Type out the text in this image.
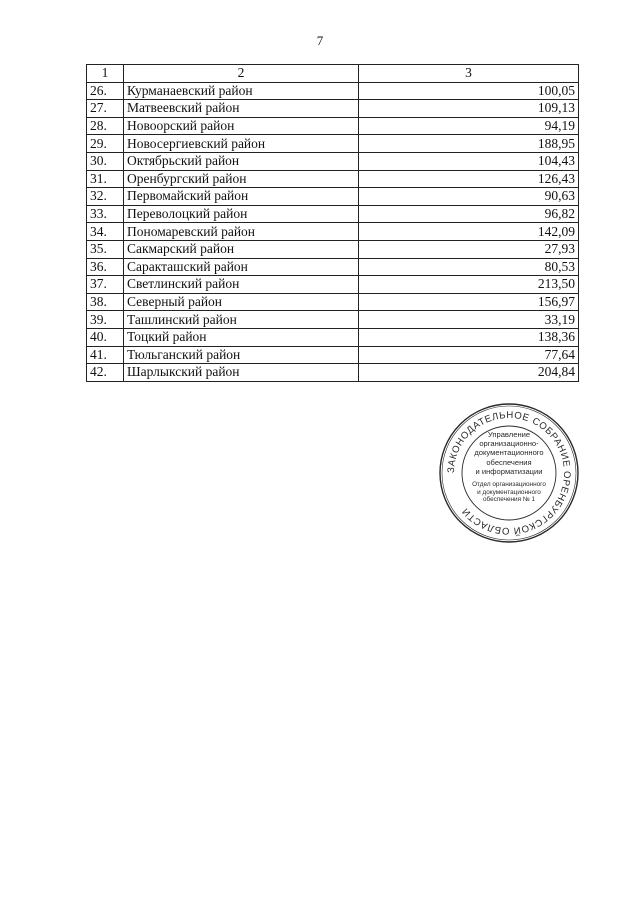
7
1	2	3
26.	Курманаевский район	100,05
27.	Матвеевский район	109,13
28.	Новоорский район	94,19
29.	Новосергиевский район	188,95
30.	Октябрьский район	104,43
31.	Оренбургский район	126,43
32.	Первомайский район	90,63
33.	Переволоцкий район	96,82
34.	Пономаревский район	142,09
35.	Сакмарский район	27,93
36.	Саракташский район	80,53
37.	Светлинский район	213,50
38.	Северный район	156,97
39.	Ташлинский район	33,19
40.	Тоцкий район	138,36
41.	Тюльганский район	77,64
42.	Шарлыкский район	204,84
ЗАКОНОДАТЕЛЬНОЕ СОБРАНИЕ ОРЕНБУРГСКОЙ ОБЛАСТИ
Управление
организационно-
документационного
обеспечения
и информатизации
Отдел организационного
и документационного
обеспечения № 1
